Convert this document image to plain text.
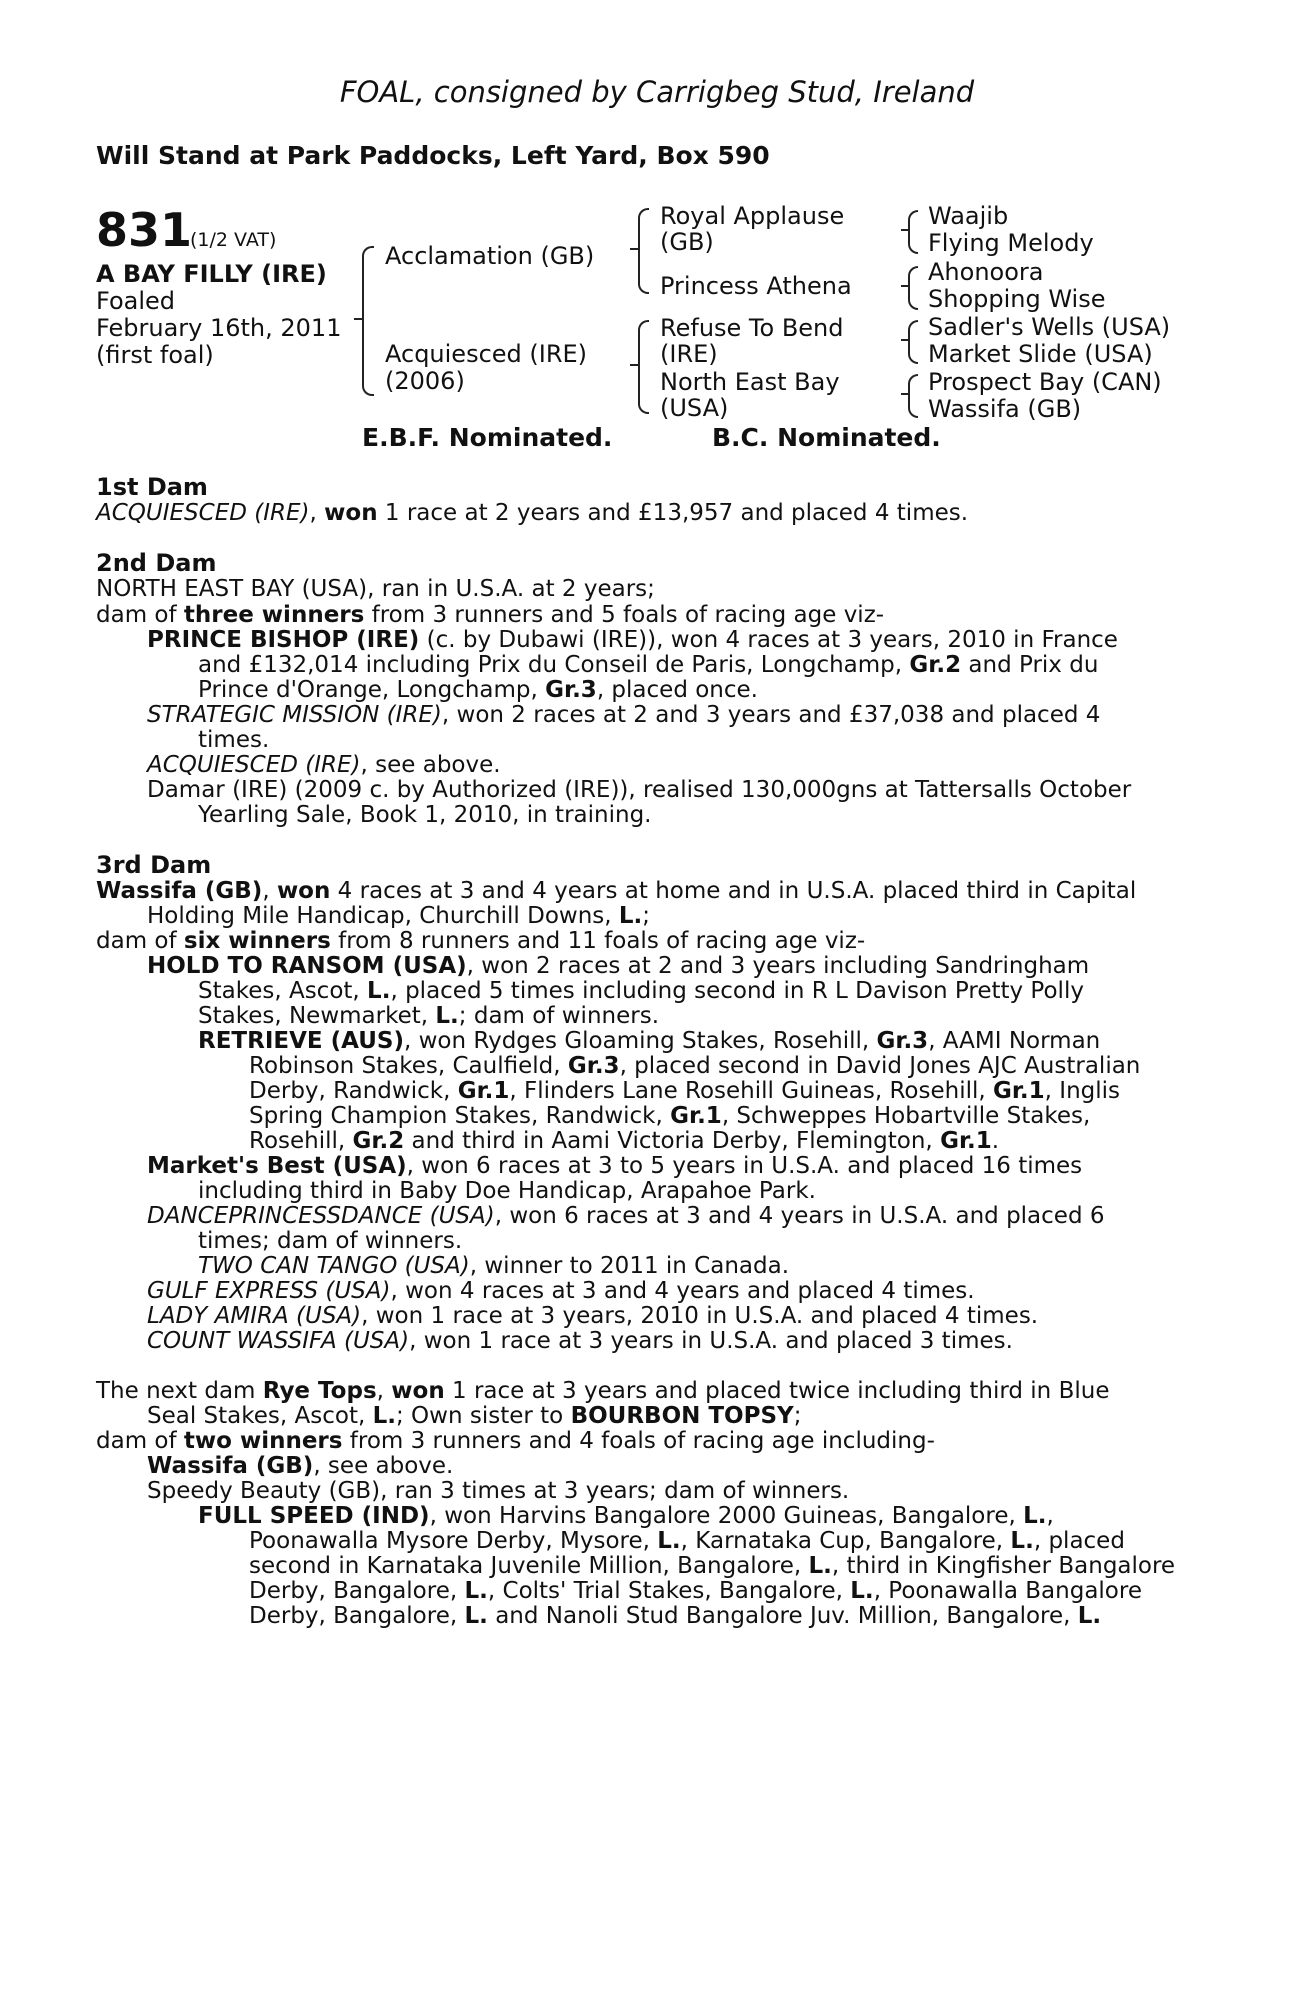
FOAL, consigned by Carrigbeg Stud, Ireland
Will Stand at Park Paddocks, Left Yard, Box 590
831
(1/2 VAT)
A BAY FILLY (IRE)
Foaled
February 16th, 2011
(first foal)
Acclamation (GB)
Acquiesced (IRE)
(2006)
Royal Applause
(GB)
Princess Athena
Refuse To Bend
(IRE)
North East Bay
(USA)
Waajib
Flying Melody
Ahonoora
Shopping Wise
Sadler's Wells (USA)
Market Slide (USA)
Prospect Bay (CAN)
Wassifa (GB)
E.B.F. Nominated.	B.C. Nominated.
1st Dam
ACQUIESCED (IRE), won 1 race at 2 years and £13,957 and placed 4 times.
2nd Dam
NORTH EAST BAY (USA), ran in U.S.A. at 2 years;
dam of three winners from 3 runners and 5 foals of racing age viz-
PRINCE BISHOP (IRE) (c. by Dubawi (IRE)), won 4 races at 3 years, 2010 in France
and £132,014 including Prix du Conseil de Paris, Longchamp, Gr.2 and Prix du
Prince d'Orange, Longchamp, Gr.3, placed once.
STRATEGIC MISSION (IRE), won 2 races at 2 and 3 years and £37,038 and placed 4
times.
ACQUIESCED (IRE), see above.
Damar (IRE) (2009 c. by Authorized (IRE)), realised 130,000gns at Tattersalls October
Yearling Sale, Book 1, 2010, in training.
3rd Dam
Wassifa (GB), won 4 races at 3 and 4 years at home and in U.S.A. placed third in Capital
Holding Mile Handicap, Churchill Downs, L.;
dam of six winners from 8 runners and 11 foals of racing age viz-
HOLD TO RANSOM (USA), won 2 races at 2 and 3 years including Sandringham
Stakes, Ascot, L., placed 5 times including second in R L Davison Pretty Polly
Stakes, Newmarket, L.; dam of winners.
RETRIEVE (AUS), won Rydges Gloaming Stakes, Rosehill, Gr.3, AAMI Norman
Robinson Stakes, Caulfield, Gr.3, placed second in David Jones AJC Australian
Derby, Randwick, Gr.1, Flinders Lane Rosehill Guineas, Rosehill, Gr.1, Inglis
Spring Champion Stakes, Randwick, Gr.1, Schweppes Hobartville Stakes,
Rosehill, Gr.2 and third in Aami Victoria Derby, Flemington, Gr.1.
Market's Best (USA), won 6 races at 3 to 5 years in U.S.A. and placed 16 times
including third in Baby Doe Handicap, Arapahoe Park.
DANCEPRINCESSDANCE (USA), won 6 races at 3 and 4 years in U.S.A. and placed 6
times; dam of winners.
TWO CAN TANGO (USA), winner to 2011 in Canada.
GULF EXPRESS (USA), won 4 races at 3 and 4 years and placed 4 times.
LADY AMIRA (USA), won 1 race at 3 years, 2010 in U.S.A. and placed 4 times.
COUNT WASSIFA (USA), won 1 race at 3 years in U.S.A. and placed 3 times.
The next dam Rye Tops, won 1 race at 3 years and placed twice including third in Blue
Seal Stakes, Ascot, L.; Own sister to BOURBON TOPSY;
dam of two winners from 3 runners and 4 foals of racing age including-
Wassifa (GB), see above.
Speedy Beauty (GB), ran 3 times at 3 years; dam of winners.
FULL SPEED (IND), won Harvins Bangalore 2000 Guineas, Bangalore, L.,
Poonawalla Mysore Derby, Mysore, L., Karnataka Cup, Bangalore, L., placed
second in Karnataka Juvenile Million, Bangalore, L., third in Kingfisher Bangalore
Derby, Bangalore, L., Colts' Trial Stakes, Bangalore, L., Poonawalla Bangalore
Derby, Bangalore, L. and Nanoli Stud Bangalore Juv. Million, Bangalore, L.
